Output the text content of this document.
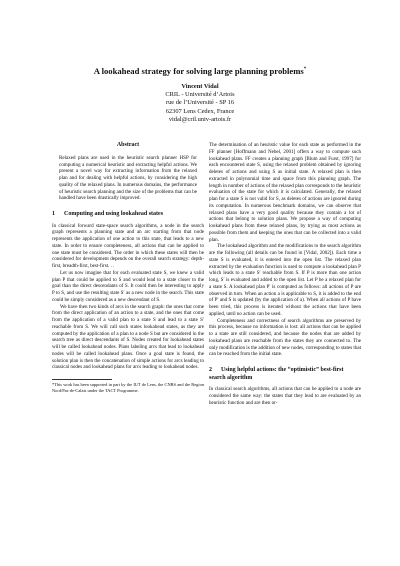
A lookahead strategy for solving large planning problems*
Vincent Vidal
CRIL - Université d’Artois
rue de l’Université - SP 16
62307 Lens Cedex, France
vidal@cril.univ-artois.fr
Abstract

Relaxed plans are used in the heuristic search planner HSP for computing a numerical heuristic and extracting helpful actions. We present a novel way for extracting information from the relaxed plan and for dealing with helpful actions, by considering the high quality of the relaxed plans. In numerous domains, the performance of heuristic search planning and the size of the problems that can be handled have been drastically improved.

1 Computing and using lookahead states

In classical forward state-space search algorithms, a node in the search graph represents a planning state and an arc starting from that node represents the application of one action to this state, that leads to a new state. In order to ensure completeness, all actions that can be applied to one state must be considered. The order in which these states will then be considered for development depends on the overall search strategy: depth-first, breadth-first, best-first. . .

Let us now imagine that for each evaluated state S, we knew a valid plan P that could be applied to S and would lead to a state closer to the goal than the direct descendants of S. It could then be interesting to apply P to S, and use the resulting state S′ as a new node in the search. This state could be simply considered as a new descendant of S.

We have then two kinds of arcs in the search graph: the ones that come from the direct application of an action to a state, and the ones that come from the application of a valid plan to a state S and lead to a state S′ reachable from S. We will call such states lookahead states, as they are computed by the application of a plan to a node S but are considered in the search tree as direct descendants of S. Nodes created for lookahead states will be called lookahead nodes. Plans labeling arcs that lead to lookahead nodes will be called lookahead plans. Once a goal state is found, the solution plan is then the concatenation of simple actions for arcs leading to classical nodes and lookahead plans for arcs leading to lookahead nodes.

*This work has been supported in part by the IUT de Lens, the CNRS and the Region Nord/Pas-de-Calais under the TACT Programme.

The determination of an heuristic value for each state as performed in the FF planner [Hoffmann and Nebel, 2001] offers a way to compute such lookahead plans. FF creates a planning graph [Blum and Furst, 1997] for each encountered state S, using the relaxed problem obtained by ignoring deletes of actions and using S as initial state. A relaxed plan is then extracted in polynomial time and space from this planning graph. The length in number of actions of the relaxed plan corresponds to the heuristic evaluation of the state for which it is calculated. Generally, the relaxed plan for a state S is not valid for S, as deletes of actions are ignored during its computation. In numerous benchmark domains, we can observe that relaxed plans have a very good quality because they contain a lot of actions that belong to solution plans. We propose a way of computing lookahead plans from these relaxed plans, by trying as most actions as possible from them and keeping the ones that can be collected into a valid plan.

The lookahead algorithm and the modifications to the search algorithm are the following (all details can be found in [Vidal, 2002]). Each time a state S is evaluated, it is entered into the open list. The relaxed plan extracted by the evaluation function is used to compute a lookahead plan P which leads to a state S′ reachable from S. If P is more than one action long, S′ is evaluated and added to the open list. Let P be a relaxed plan for a state S. A lookahead plan P′ is computed as follows: all actions of P are observed in turn. When an action a is applicable to S, it is added to the end of P′ and S is updated (by the application of a). When all actions of P have been tried, this process is iterated without the actions that have been applied, until no action can be used.

Completeness and correctness of search algorithms are preserved by this process, because no information is lost: all actions that can be applied to a state are still considered, and because the nodes that are added by lookahead plans are reachable from the states they are connected to. The only modification is the addition of new nodes, corresponding to states that can be reached from the initial state.

2 Using helpful actions: the “optimistic” best-first search algorithm

In classical search algorithms, all actions that can be applied to a node are considered the same way: the states that they lead to are evaluated by an heuristic function and are then or-
